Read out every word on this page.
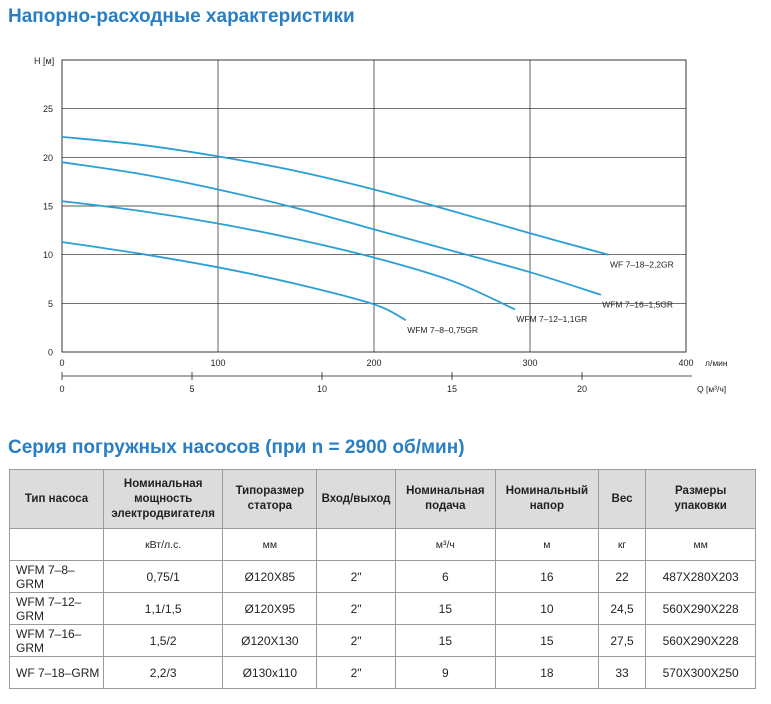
Напорно-расходные характеристики
0
5
10
15
20
25
H [м]
0	100	200	300	400 л/мин
0	5	10	15	20	Q [м³/ч]
WF 7–18–2,2GR
WFM 7–16–1,5GR
WFM 7–12–1,1GR
WFM 7–8–0,75GR
Серия погружных насосов (при n = 2900 об/мин)
Тип насоса	Номинальная мощность электродвигателя	Типоразмер статора	Вход/выход	Номинальная подача	Номинальный напор	Вес	Размеры упаковки
	кВт/л.с.	мм		м³/ч	м	кг	мм
WFM 7–8–GRM	0,75/1	Ø120X85	2"	6	16	22	487X280X203
WFM 7–12–GRM	1,1/1,5	Ø120X95	2"	15	10	24,5	560X290X228
WFM 7–16–GRM	1,5/2	Ø120X130	2"	15	15	27,5	560X290X228
WF 7–18–GRM	2,2/3	Ø130x110	2"	9	18	33	570X300X250
